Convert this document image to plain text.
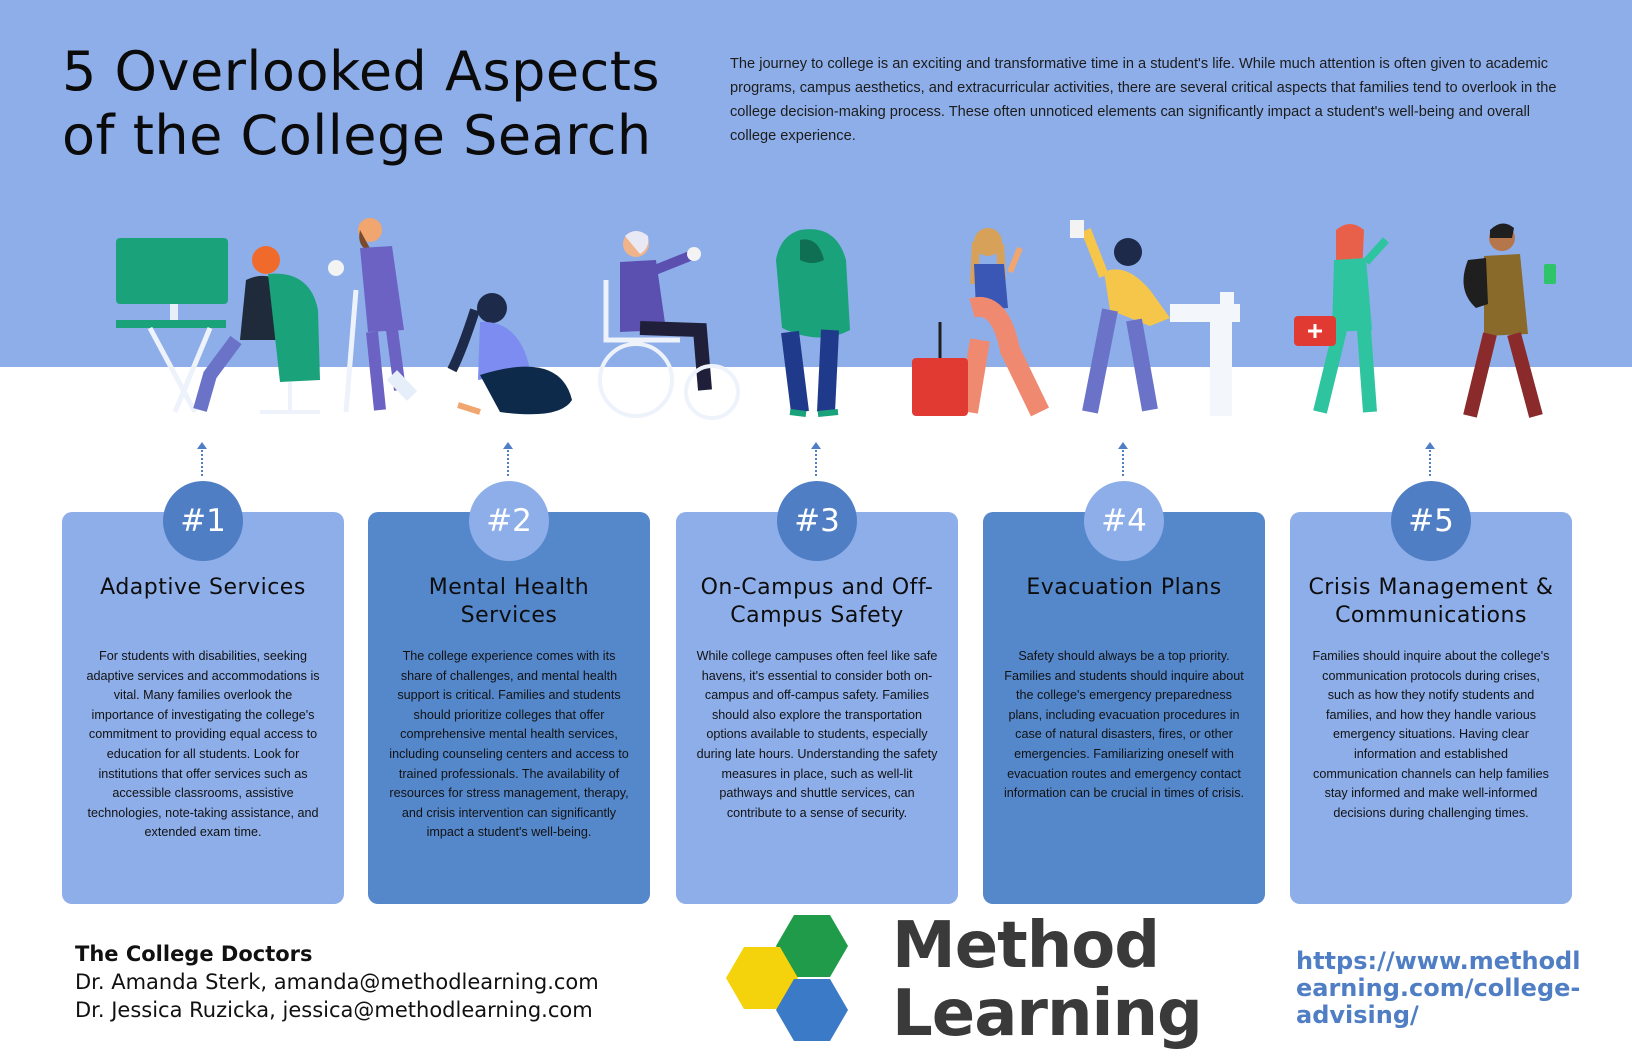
5 Overlooked Aspects of the College Search

The journey to college is an exciting and transformative time in a student's life. While much attention is often given to academic programs, campus aesthetics, and extracurricular activities, there are several critical aspects that families tend to overlook in the college decision-making process. These often unnoticed elements can significantly impact a student's well-being and overall college experience.

#1
Adaptive Services
For students with disabilities, seeking adaptive services and accommodations is vital. Many families overlook the importance of investigating the college's commitment to providing equal access to education for all students. Look for institutions that offer services such as accessible classrooms, assistive technologies, note-taking assistance, and extended exam time.
#2
Mental Health Services
The college experience comes with its share of challenges, and mental health support is critical. Families and students should prioritize colleges that offer comprehensive mental health services, including counseling centers and access to trained professionals. The availability of resources for stress management, therapy, and crisis intervention can significantly impact a student's well-being.
#3
On-Campus and Off-Campus Safety
While college campuses often feel like safe havens, it's essential to consider both on-campus and off-campus safety. Families should also explore the transportation options available to students, especially during late hours. Understanding the safety measures in place, such as well-lit pathways and shuttle services, can contribute to a sense of security.
#4
Evacuation Plans
Safety should always be a top priority. Families and students should inquire about the college's emergency preparedness plans, including evacuation procedures in case of natural disasters, fires, or other emergencies. Familiarizing oneself with evacuation routes and emergency contact information can be crucial in times of crisis.
#5
Crisis Management & Communications
Families should inquire about the college's communication protocols during crises, such as how they notify students and families, and how they handle various emergency situations. Having clear information and established communication channels can help families stay informed and make well-informed decisions during challenging times.
The College Doctors
Dr. Amanda Sterk, amanda@methodlearning.com
Dr. Jessica Ruzicka, jessica@methodlearning.com
Method
Learning
https://www.methodlearning.com/college-advising/
